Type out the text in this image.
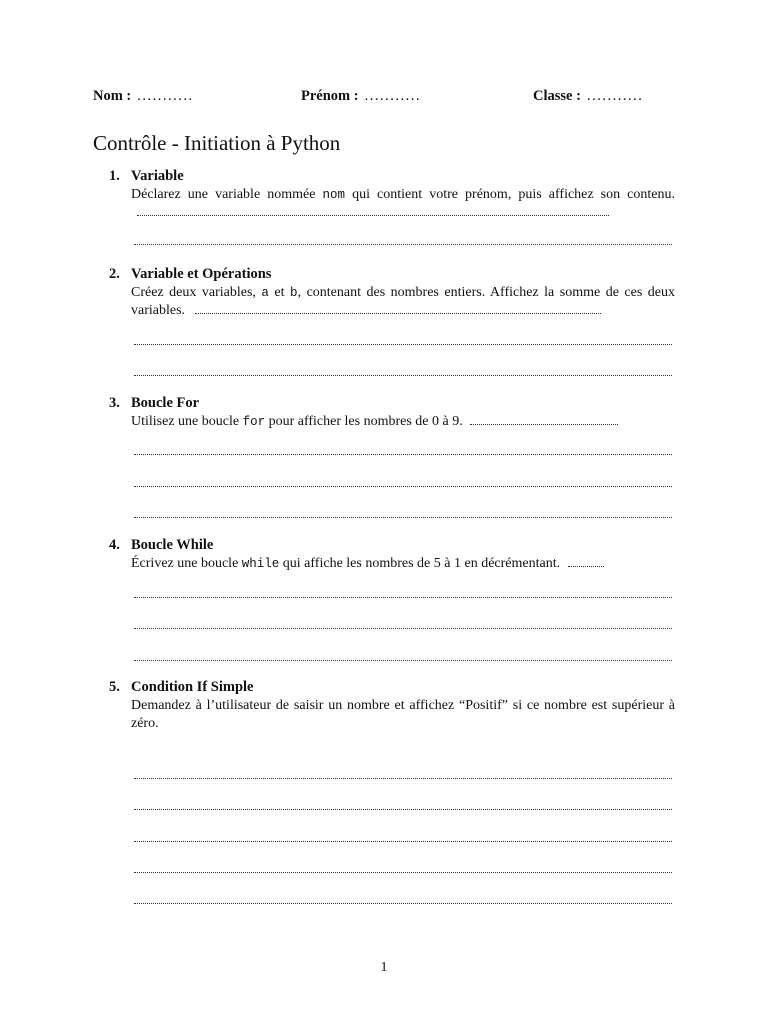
Nom : ...........	Prénom : ...........	Classe : ...........
Contrôle - Initiation à Python
1. Variable
Déclarez une variable nommée nom qui contient votre prénom, puis affichez son contenu.
2. Variable et Opérations
Créez deux variables, a et b, contenant des nombres entiers. Affichez la somme de ces deux variables.
3. Boucle For
Utilisez une boucle for pour afficher les nombres de 0 à 9.
4. Boucle While
Écrivez une boucle while qui affiche les nombres de 5 à 1 en décrémentant.
5. Condition If Simple
Demandez à l’utilisateur de saisir un nombre et affichez “Positif” si ce nombre est supérieur à zéro.
1
